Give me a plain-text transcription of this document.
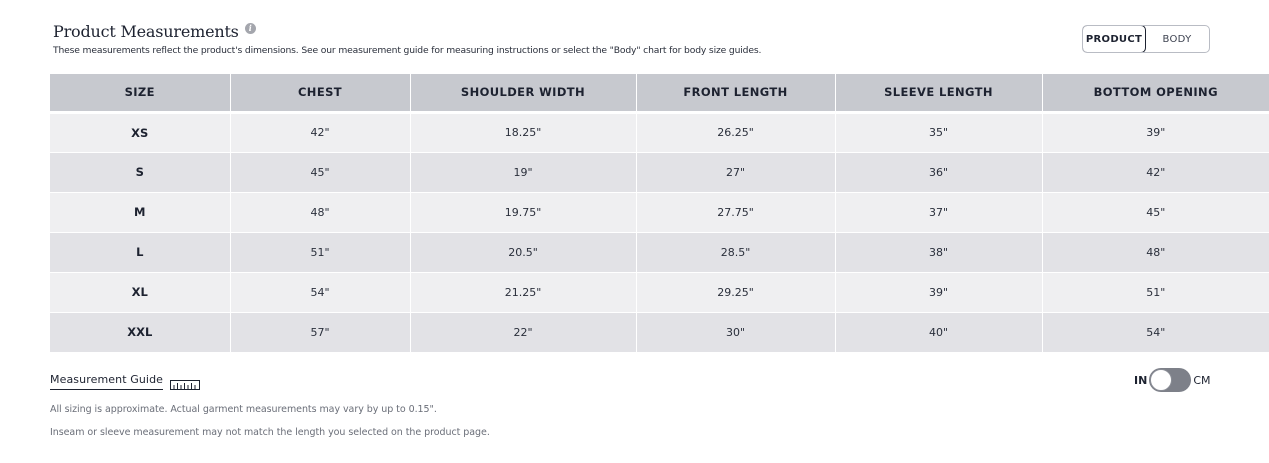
Product Measurements	i
These measurements reflect the product's dimensions. See our measurement guide for measuring instructions or select the "Body" chart for body size guides.
PRODUCT	BODY
SIZE	CHEST	SHOULDER WIDTH	FRONT LENGTH	SLEEVE LENGTH	BOTTOM OPENING
XS	42"	18.25"	26.25"	35"	39"
S	45"	19"	27"	36"	42"
M	48"	19.75"	27.75"	37"	45"
L	51"	20.5"	28.5"	38"	48"
XL	54"	21.25"	29.25"	39"	51"
XXL	57"	22"	30"	40"	54"
Measurement Guide	IN	CM
All sizing is approximate. Actual garment measurements may vary by up to 0.15".
Inseam or sleeve measurement may not match the length you selected on the product page.
